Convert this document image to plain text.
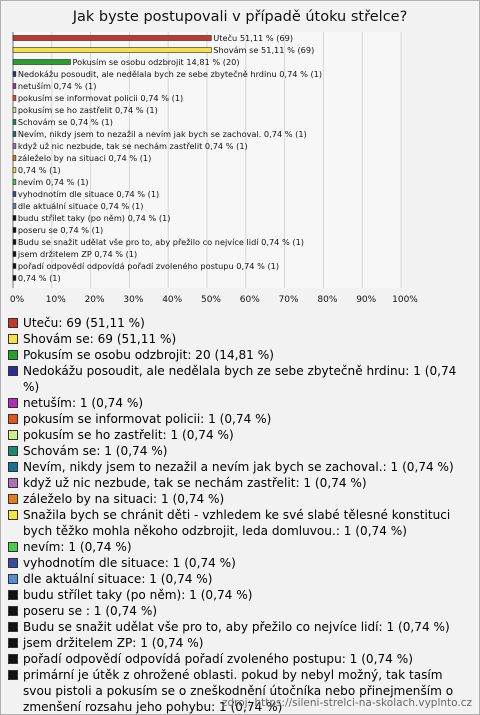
Jak byste postupovali v případě útoku střelce?
0% 10% 20% 30% 40% 50% 60% 70% 80% 90% 100%
Uteču 51,11 % (69)
Shovám se 51,11 % (69)
Pokusím se osobu odzbrojit 14,81 % (20)
Nedokážu posoudit, ale nedělala bych ze sebe zbytečně hrdinu 0,74 % (1)
netuším 0,74 % (1)
pokusím se informovat policii 0,74 % (1)
pokusím se ho zastřelit 0,74 % (1)
Schovám se 0,74 % (1)
Nevím, nikdy jsem to nezažil a nevím jak bych se zachoval. 0,74 % (1)
když už nic nezbude, tak se nechám zastřelit 0,74 % (1)
záleželo by na situaci 0,74 % (1)
0,74 % (1)
nevím 0,74 % (1)
vyhodnotím dle situace 0,74 % (1)
dle aktuální situace 0,74 % (1)
budu střílet taky (po něm) 0,74 % (1)
poseru se 0,74 % (1)
Budu se snažit udělat vše pro to, aby přežilo co nejvíce lidí 0,74 % (1)
jsem držitelem ZP 0,74 % (1)
pořadí odpovědí odpovídá pořadí zvoleného postupu 0,74 % (1)
0,74 % (1)
Uteču: 69 (51,11 %)
Shovám se: 69 (51,11 %)
Pokusím se osobu odzbrojit: 20 (14,81 %)
Nedokážu posoudit, ale nedělala bych ze sebe zbytečně hrdinu: 1 (0,74 %)
netuším: 1 (0,74 %)
pokusím se informovat policii: 1 (0,74 %)
pokusím se ho zastřelit: 1 (0,74 %)
Schovám se: 1 (0,74 %)
Nevím, nikdy jsem to nezažil a nevím jak bych se zachoval.: 1 (0,74 %)
když už nic nezbude, tak se nechám zastřelit: 1 (0,74 %)
záleželo by na situaci: 1 (0,74 %)
Snažila bych se chránit děti - vzhledem ke své slabé tělesné konstituci bych těžko mohla někoho odzbrojit, leda domluvou.: 1 (0,74 %)
nevím: 1 (0,74 %)
vyhodnotím dle situace: 1 (0,74 %)
dle aktuální situace: 1 (0,74 %)
budu střílet taky (po něm): 1 (0,74 %)
poseru se : 1 (0,74 %)
Budu se snažit udělat vše pro to, aby přežilo co nejvíce lidí: 1 (0,74 %)
jsem držitelem ZP: 1 (0,74 %)
pořadí odpovědí odpovídá pořadí zvoleného postupu: 1 (0,74 %)
primární je útěk z ohrožené oblasti. pokud by nebyl možný, tak tasím svou pistoli a pokusím se o zneškodnění útočníka nebo přinejmenším o zmenšení rozsahu jeho pohybu: 1 (0,74 %)
zdroj: https://sileni-strelci-na-skolach.vyplnto.cz
